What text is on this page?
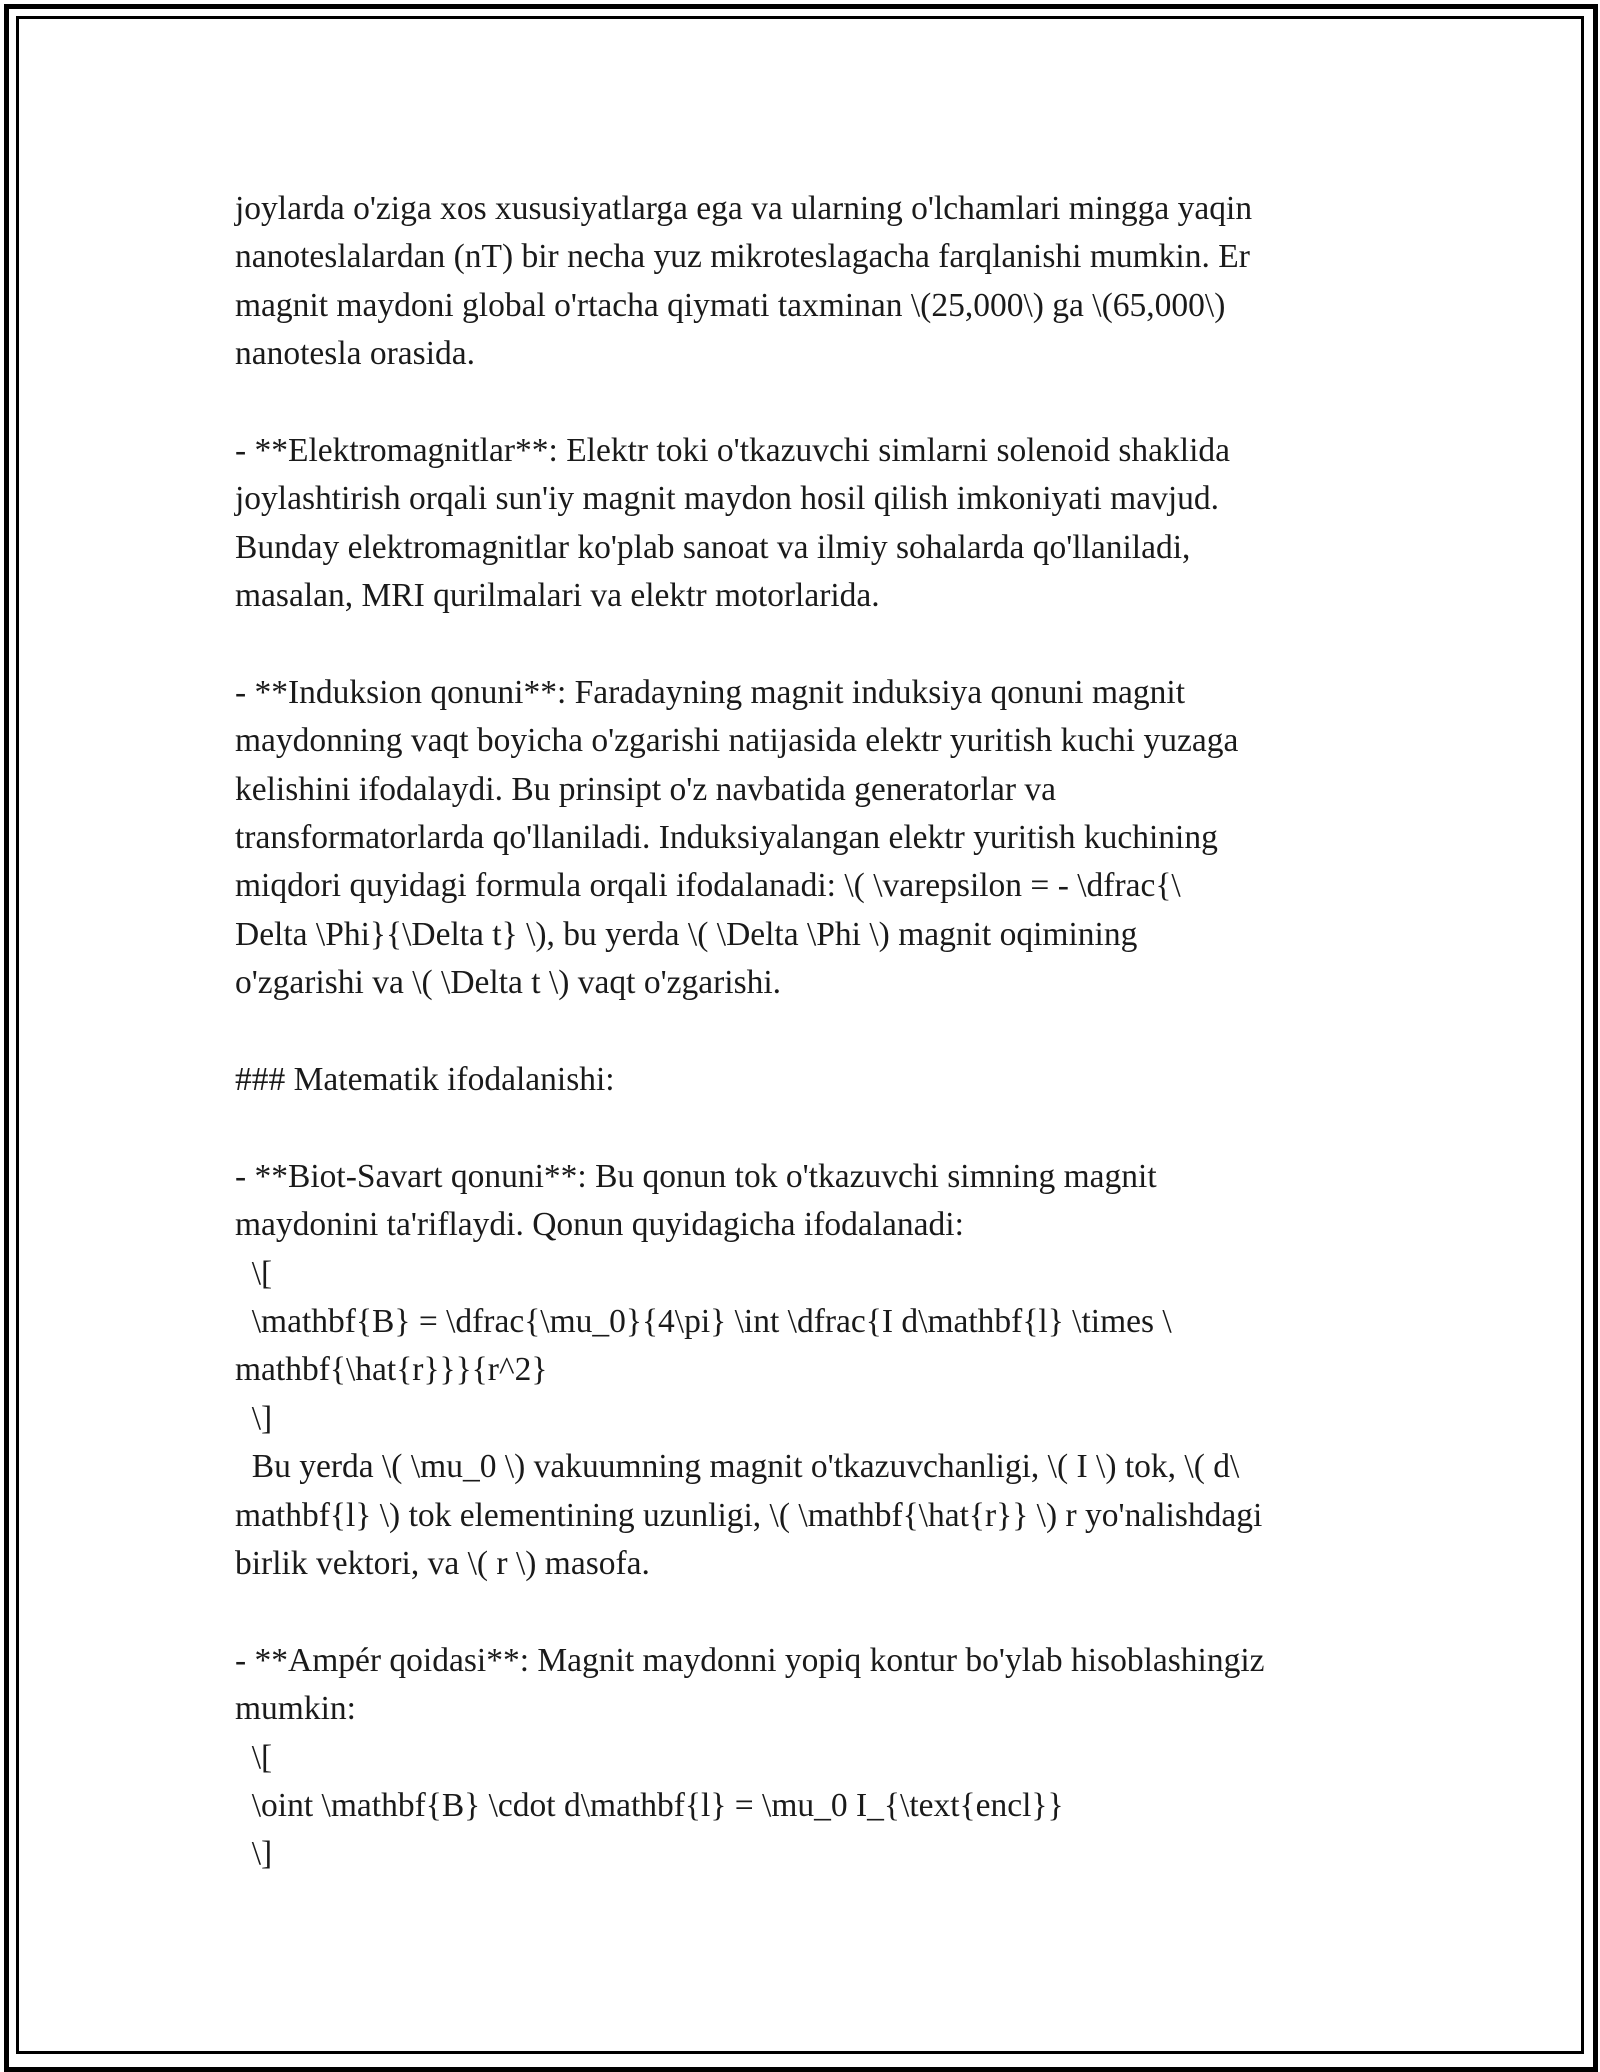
joylarda o'ziga xos xususiyatlarga ega va ularning o'lchamlari mingga yaqin
nanoteslalardan (nT) bir necha yuz mikroteslagacha farqlanishi mumkin. Er
magnit maydoni global o'rtacha qiymati taxminan \(25,000\) ga \(65,000\)
nanotesla orasida.
- **Elektromagnitlar**: Elektr toki o'tkazuvchi simlarni solenoid shaklida
joylashtirish orqali sun'iy magnit maydon hosil qilish imkoniyati mavjud.
Bunday elektromagnitlar ko'plab sanoat va ilmiy sohalarda qo'llaniladi,
masalan, MRI qurilmalari va elektr motorlarida.
- **Induksion qonuni**: Faradayning magnit induksiya qonuni magnit
maydonning vaqt boyicha o'zgarishi natijasida elektr yuritish kuchi yuzaga
kelishini ifodalaydi. Bu prinsipt o'z navbatida generatorlar va
transformatorlarda qo'llaniladi. Induksiyalangan elektr yuritish kuchining
miqdori quyidagi formula orqali ifodalanadi: \( \varepsilon = - \dfrac{\
Delta \Phi}{\Delta t} \), bu yerda \( \Delta \Phi \) magnit oqimining
o'zgarishi va \( \Delta t \) vaqt o'zgarishi.
### Matematik ifodalanishi:
- **Biot-Savart qonuni**: Bu qonun tok o'tkazuvchi simning magnit
maydonini ta'riflaydi. Qonun quyidagicha ifodalanadi:
\[
\mathbf{B} = \dfrac{\mu_0}{4\pi} \int \dfrac{I d\mathbf{l} \times \
mathbf{\hat{r}}}{r^2}
\]
Bu yerda \( \mu_0 \) vakuumning magnit o'tkazuvchanligi, \( I \) tok, \( d\
mathbf{l} \) tok elementining uzunligi, \( \mathbf{\hat{r}} \) r yo'nalishdagi
birlik vektori, va \( r \) masofa.
- **Ampér qoidasi**: Magnit maydonni yopiq kontur bo'ylab hisoblashingiz
mumkin:
\[
\oint \mathbf{B} \cdot d\mathbf{l} = \mu_0 I_{\text{encl}}
\]
